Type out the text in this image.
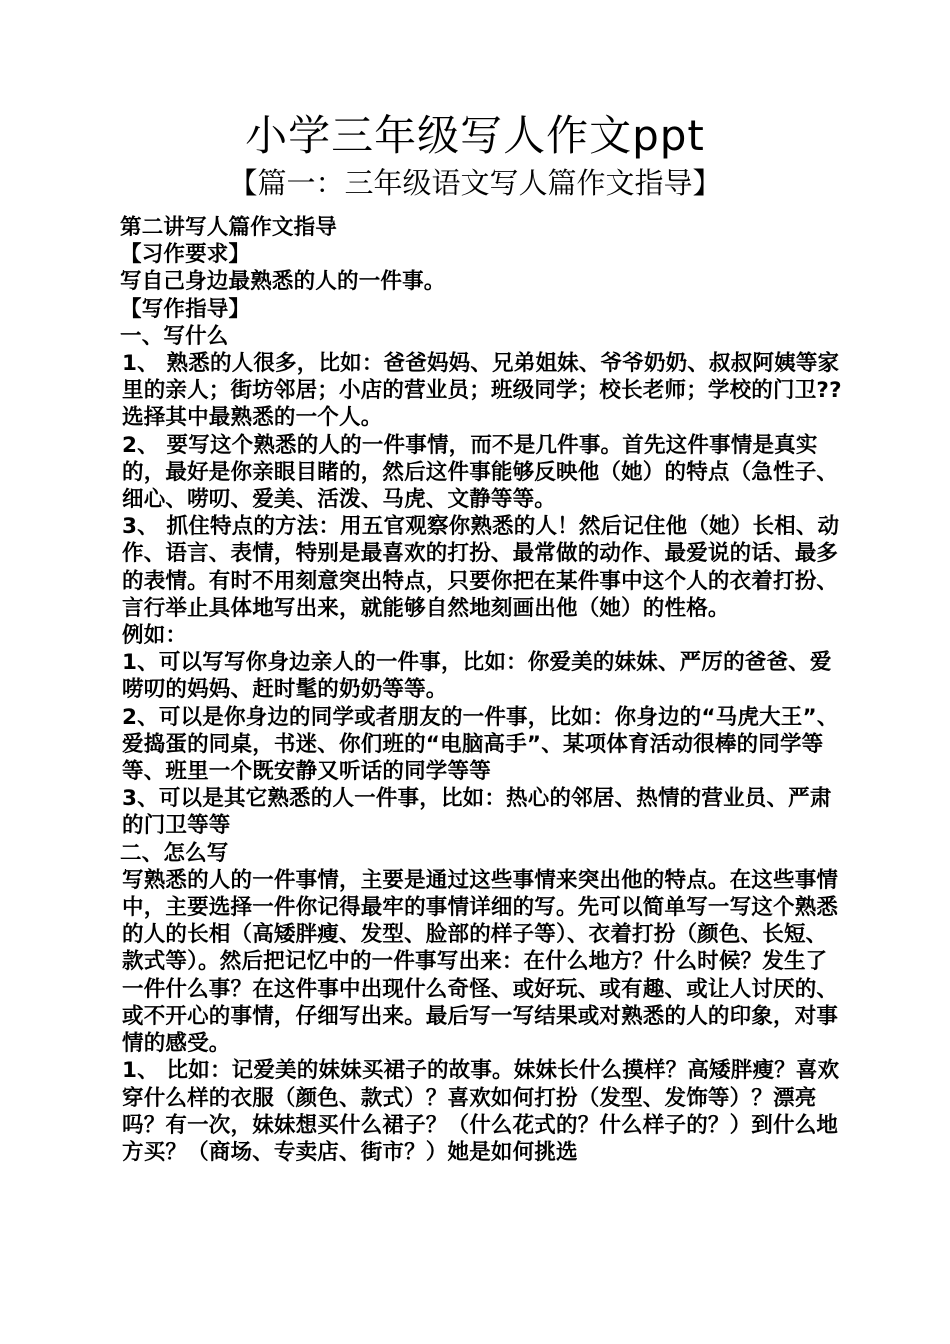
小学三年级写人作文ppt
【篇一：三年级语文写人篇作文指导】

第二讲写人篇作文指导

【习作要求】

写自己身边最熟悉的人的一件事。

【写作指导】

一、写什么

1、 熟悉的人很多，比如：爸爸妈妈、兄弟姐妹、爷爷奶奶、叔叔阿姨等家里的亲人；街坊邻居；小店的营业员；班级同学；校长老师；学校的门卫??选择其中最熟悉的一个人。

2、 要写这个熟悉的人的一件事情，而不是几件事。首先这件事情是真实的，最好是你亲眼目睹的，然后这件事能够反映他（她）的特点（急性子、细心、唠叨、爱美、活泼、马虎、文静等等。

3、 抓住特点的方法：用五官观察你熟悉的人！然后记住他（她）长相、动作、语言、表情，特别是最喜欢的打扮、最常做的动作、最爱说的话、最多的表情。有时不用刻意突出特点，只要你把在某件事中这个人的衣着打扮、言行举止具体地写出来，就能够自然地刻画出他（她）的性格。

例如：

1、可以写写你身边亲人的一件事，比如：你爱美的妹妹、严厉的爸爸、爱唠叨的妈妈、赶时髦的奶奶等等。

2、可以是你身边的同学或者朋友的一件事，比如：你身边的“马虎大王”、爱捣蛋的同桌，书迷、你们班的“电脑高手”、某项体育活动很棒的同学等等、班里一个既安静又听话的同学等等

3、可以是其它熟悉的人一件事，比如：热心的邻居、热情的营业员、严肃的门卫等等

二、怎么写

写熟悉的人的一件事情，主要是通过这些事情来突出他的特点。在这些事情中，主要选择一件你记得最牢的事情详细的写。先可以简单写一写这个熟悉的人的长相（高矮胖瘦、发型、脸部的样子等）、衣着打扮（颜色、长短、款式等）。然后把记忆中的一件事写出来：在什么地方？什么时候？发生了一件什么事？在这件事中出现什么奇怪、或好玩、或有趣、或让人讨厌的、或不开心的事情，仔细写出来。最后写一写结果或对熟悉的人的印象，对事情的感受。

1、 比如：记爱美的妹妹买裙子的故事。妹妹长什么摸样？高矮胖瘦？喜欢穿什么样的衣服（颜色、款式）？喜欢如何打扮（发型、发饰等）？漂亮吗？有一次，妹妹想买什么裙子？（什么花式的？什么样子的？）到什么地方买？（商场、专卖店、街市？）她是如何挑选
